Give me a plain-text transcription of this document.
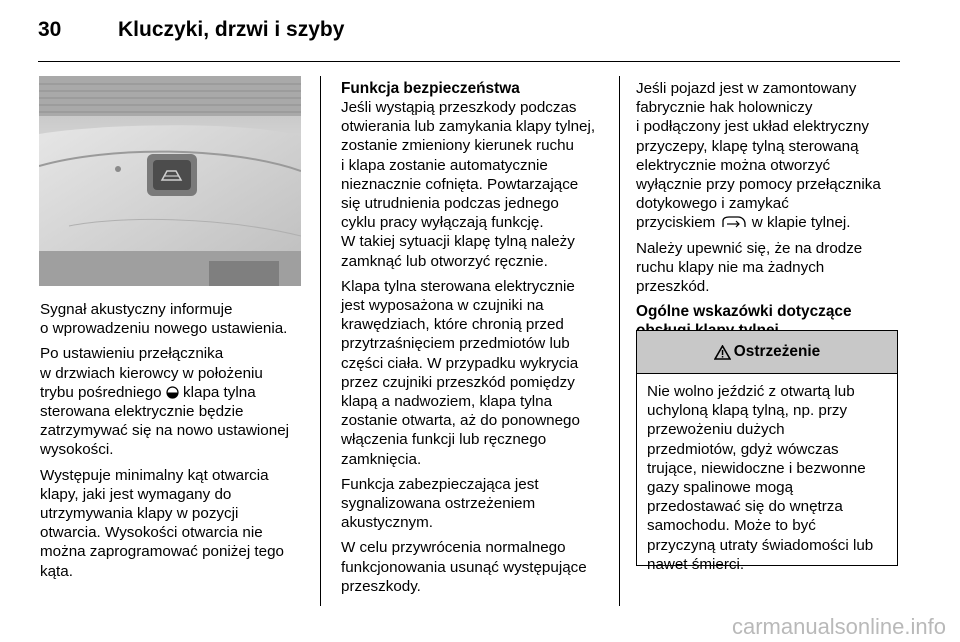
30	Kluczyki, drzwi i szyby

Sygnał akustyczny informuje
o wprowadzeniu nowego ustawienia.

Po ustawieniu przełącznika
w drzwiach kierowcy w położeniu
trybu pośredniego  klapa tylna
sterowana elektrycznie będzie
zatrzymywać się na nowo ustawionej
wysokości.

Występuje minimalny kąt otwarcia
klapy, jaki jest wymagany do
utrzymywania klapy w pozycji
otwarcia. Wysokości otwarcia nie
można zaprogramować poniżej tego
kąta.

Funkcja bezpieczeństwa

Jeśli wystąpią przeszkody podczas
otwierania lub zamykania klapy tylnej,
zostanie zmieniony kierunek ruchu
i klapa zostanie automatycznie
nieznacznie cofnięta. Powtarzające
się utrudnienia podczas jednego
cyklu pracy wyłączają funkcję.
W takiej sytuacji klapę tylną należy
zamknąć lub otworzyć ręcznie.

Klapa tylna sterowana elektrycznie
jest wyposażona w czujniki na
krawędziach, które chronią przed
przytrzaśnięciem przedmiotów lub
części ciała. W przypadku wykrycia
przez czujniki przeszkód pomiędzy
klapą a nadwoziem, klapa tylna
zostanie otwarta, aż do ponownego
włączenia funkcji lub ręcznego
zamknięcia.

Funkcja zabezpieczająca jest
sygnalizowana ostrzeżeniem
akustycznym.

W celu przywrócenia normalnego
funkcjonowania usunąć występujące
przeszkody.

Jeśli pojazd jest w zamontowany
fabrycznie hak holowniczy
i podłączony jest układ elektryczny
przyczepy, klapę tylną sterowaną
elektrycznie można otworzyć
wyłącznie przy pomocy przełącznika
dotykowego i zamykać
przyciskiem  w klapie tylnej.

Należy upewnić się, że na drodze
ruchu klapy nie ma żadnych
przeszkód.

Ogólne wskazówki dotyczące

Ostrzeżenie
Nie wolno jeździć z otwartą lub
uchyloną klapą tylną, np. przy
przewożeniu dużych
przedmiotów, gdyż wówczas
trujące, niewidoczne i bezwonne
gazy spalinowe mogą
przedostawać się do wnętrza
samochodu. Może to być
przyczyną utraty świadomości lub
nawet śmierci.
carmanualsonline.info
